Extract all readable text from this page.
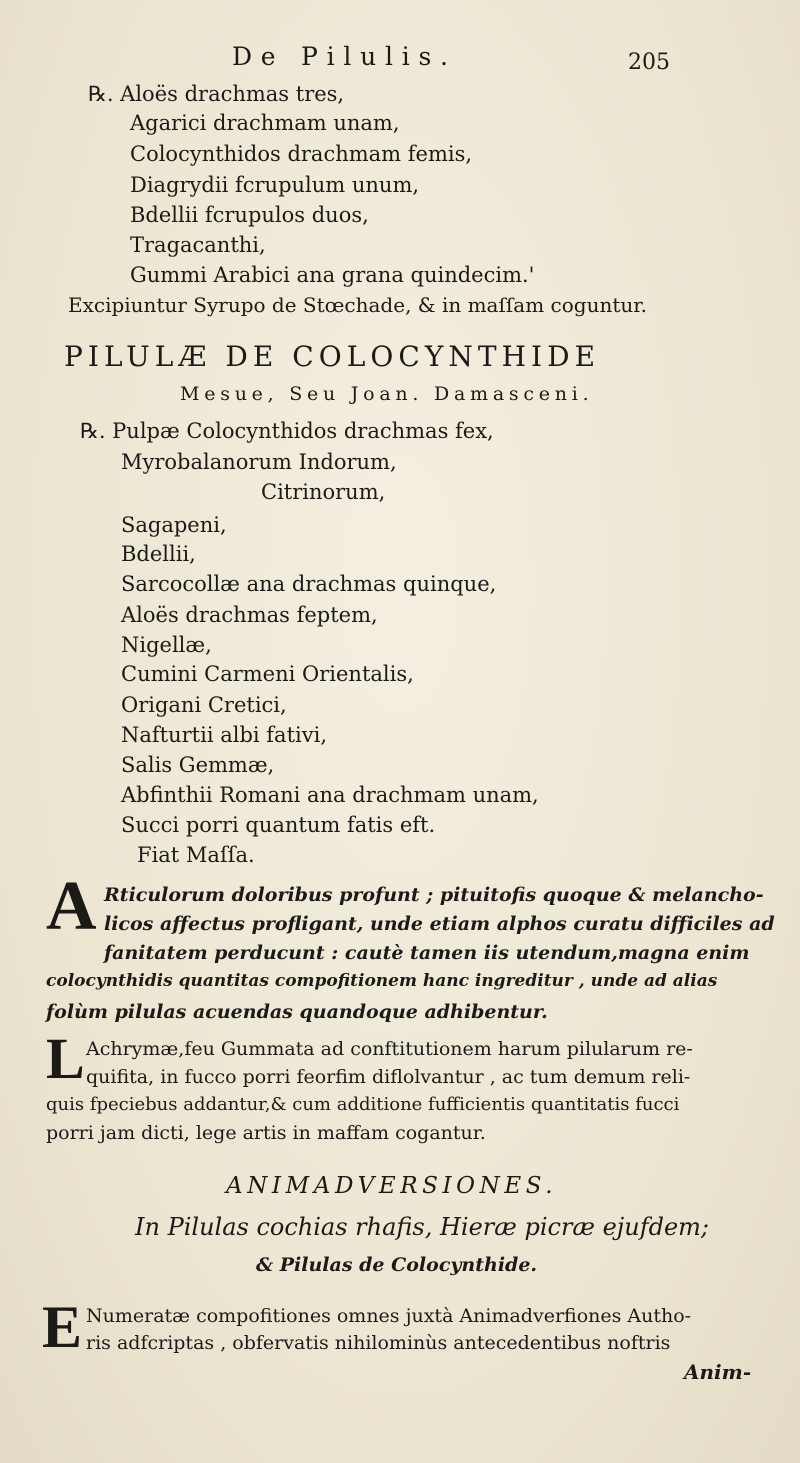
De Pilulis.	205
℞. Aloës drachmas tres,
Agarici drachmam unam,
Colocynthidos drachmam femis,
Diagrydii fcrupulum unum,
Bdellii fcrupulos duos,
Tragacanthi,
Gummi Arabici ana grana quindecim.'
Excipiuntur Syrupo de Stœchade, & in maſſam coguntur.
PILULÆ DE COLOCYNTHIDE
Mesue, Seu Joan. Damasceni.
℞. Pulpæ Colocynthidos drachmas fex,
Myrobalanorum Indorum,
Citrinorum,
Sagapeni,
Bdellii,
Sarcocollæ ana drachmas quinque,
Aloës drachmas feptem,
Nigellæ,
Cumini Carmeni Orientalis,
Origani Cretici,
Nafturtii albi fativi,
Salis Gemmæ,
Abfinthii Romani ana drachmam unam,
Succi porri quantum fatis eft.
Fiat Maſſa.
A Rticulorum doloribus profunt ; pituitofis quoque & melancho-
licos affectus profligant, unde etiam alphos curatu difficiles ad
fanitatem perducunt : cautè tamen iis utendum,magna enim
colocynthidis quantitas compofitionem hanc ingreditur , unde ad alias
folùm pilulas acuendas quandoque adhibentur.
L Achrymæ,feu Gummata ad conftitutionem harum pilularum re-
quifita, in fucco porri feorfim diflolvantur , ac tum demum reli-
quis fpeciebus addantur,& cum additione fufficientis quantitatis fucci
porri jam dicti, lege artis in maffam cogantur.
ANIMADVERSIONES.
In Pilulas cochias rhafis, Hieræ picræ ejufdem;
& Pilulas de Colocynthide.
E Numeratæ compofitiones omnes juxtà Animadverfiones Autho-
ris adfcriptas , obfervatis nihilominùs antecedentibus noftris
Anim-
